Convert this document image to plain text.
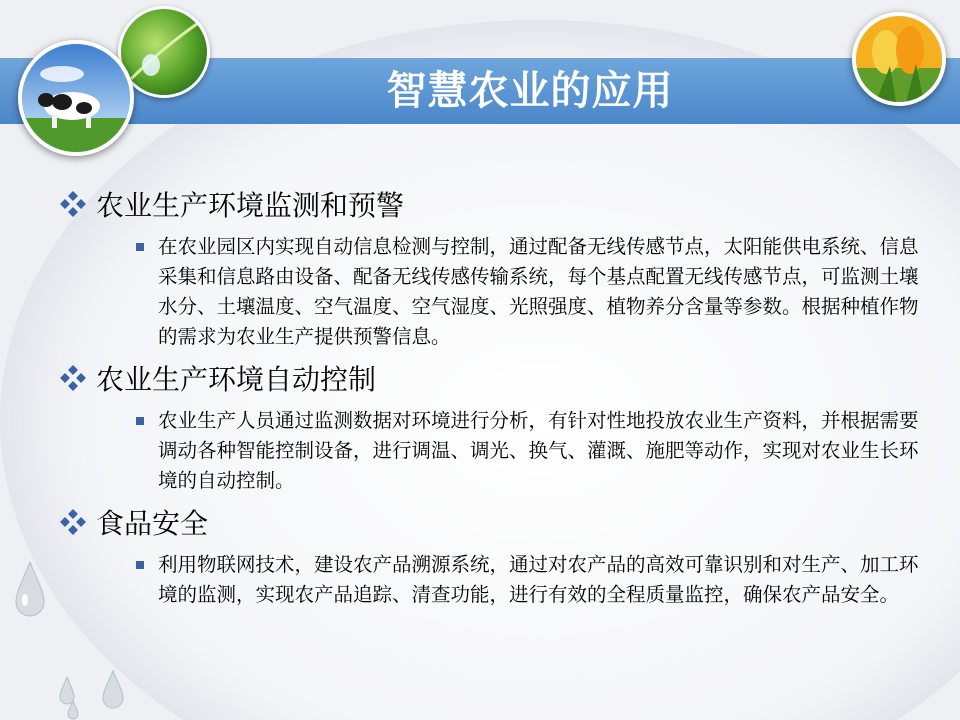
智慧农业的应用
农业生产环境监测和预警
在农业园区内实现自动信息检测与控制，通过配备无线传感节点，太阳能供电系统、信息采集和信息路由设备、配备无线传感传输系统，每个基点配置无线传感节点，可监测土壤水分、土壤温度、空气温度、空气湿度、光照强度、植物养分含量等参数。根据种植作物的需求为农业生产提供预警信息。
农业生产环境自动控制
农业生产人员通过监测数据对环境进行分析，有针对性地投放农业生产资料，并根据需要调动各种智能控制设备，进行调温、调光、换气、灌溉、施肥等动作，实现对农业生长环境的自动控制。
食品安全
利用物联网技术，建设农产品溯源系统，通过对农产品的高效可靠识别和对生产、加工环境的监测，实现农产品追踪、清查功能，进行有效的全程质量监控，确保农产品安全。
